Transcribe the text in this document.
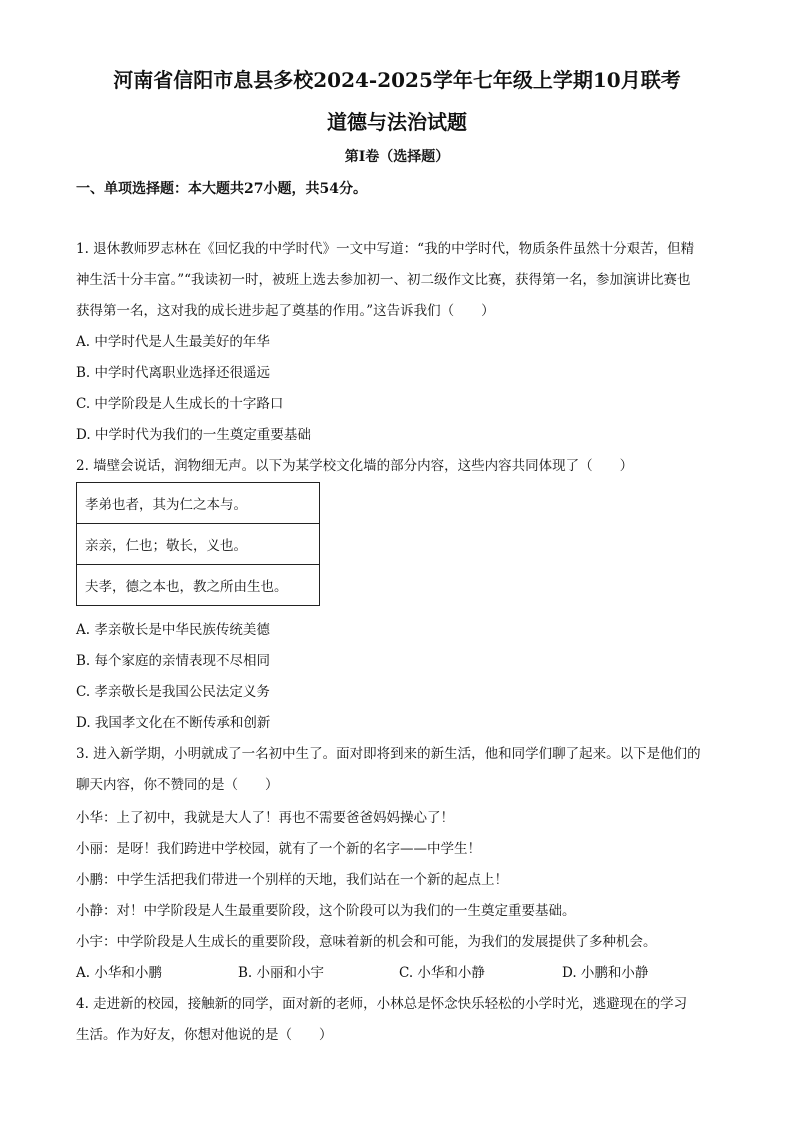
河南省信阳市息县多校2024-2025学年七年级上学期10月联考
道德与法治试题
第Ⅰ卷（选择题）
一、单项选择题：本大题共27小题，共54分。
1. 退休教师罗志林在《回忆我的中学时代》一文中写道：“我的中学时代，物质条件虽然十分艰苦，但精
神生活十分丰富。”“我读初一时，被班上选去参加初一、初二级作文比赛，获得第一名，参加演讲比赛也
获得第一名，这对我的成长进步起了奠基的作用。”这告诉我们（　　）
A. 中学时代是人生最美好的年华
B. 中学时代离职业选择还很遥远
C. 中学阶段是人生成长的十字路口
D. 中学时代为我们的一生奠定重要基础
2. 墙壁会说话，润物细无声。以下为某学校文化墙的部分内容，这些内容共同体现了（　　）
孝弟也者，其为仁之本与。
亲亲，仁也；敬长，义也。
夫孝，德之本也，教之所由生也。
A. 孝亲敬长是中华民族传统美德
B. 每个家庭的亲情表现不尽相同
C. 孝亲敬长是我国公民法定义务
D. 我国孝文化在不断传承和创新
3. 进入新学期，小明就成了一名初中生了。面对即将到来的新生活，他和同学们聊了起来。以下是他们的
聊天内容，你不赞同的是（　　）
小华：上了初中，我就是大人了！再也不需要爸爸妈妈操心了！
小丽：是呀！我们跨进中学校园，就有了一个新的名字——中学生！
小鹏：中学生活把我们带进一个别样的天地，我们站在一个新的起点上！
小静：对！中学阶段是人生最重要阶段，这个阶段可以为我们的一生奠定重要基础。
小宇：中学阶段是人生成长的重要阶段，意味着新的机会和可能，为我们的发展提供了多种机会。
A. 小华和小鹏	B. 小丽和小宇	C. 小华和小静	D. 小鹏和小静
4. 走进新的校园，接触新的同学，面对新的老师，小林总是怀念快乐轻松的小学时光，逃避现在的学习
生活。作为好友，你想对他说的是（　　）
